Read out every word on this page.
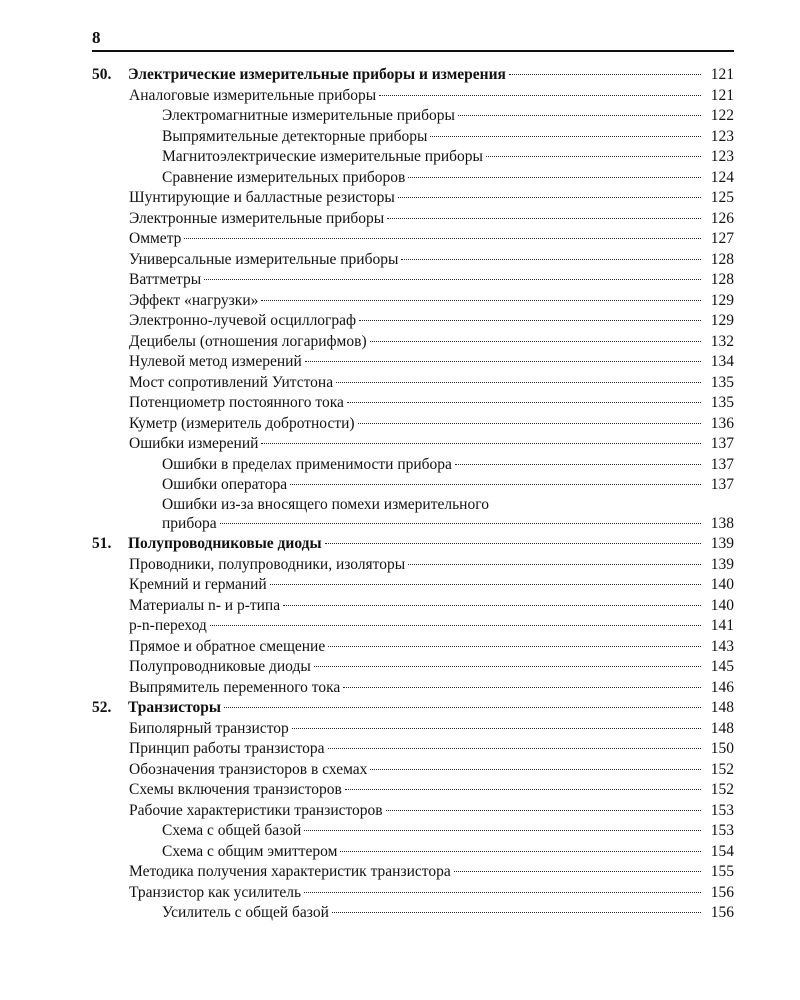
8
50.	Электрические измерительные приборы и измерения	121
Аналоговые измерительные приборы	121
Электромагнитные измерительные приборы	122
Выпрямительные детекторные приборы	123
Магнитоэлектрические измерительные приборы	123
Сравнение измерительных приборов	124
Шунтирующие и балластные резисторы	125
Электронные измерительные приборы	126
Омметр	127
Универсальные измерительные приборы	128
Ваттметры	128
Эффект «нагрузки»	129
Электронно-лучевой осциллограф	129
Децибелы (отношения логарифмов)	132
Нулевой метод измерений	134
Мост сопротивлений Уитстона	135
Потенциометр постоянного тока	135
Куметр (измеритель добротности)	136
Ошибки измерений	137
Ошибки в пределах применимости прибора	137
Ошибки оператора	137
Ошибки из-за вносящего помехи измерительного
прибора	138
51.	Полупроводниковые диоды	139
Проводники, полупроводники, изоляторы	139
Кремний и германий	140
Материалы n- и p-типа	140
p-n-переход	141
Прямое и обратное смещение	143
Полупроводниковые диоды	145
Выпрямитель переменного тока	146
52.	Транзисторы	148
Биполярный транзистор	148
Принцип работы транзистора	150
Обозначения транзисторов в схемах	152
Схемы включения транзисторов	152
Рабочие характеристики транзисторов	153
Схема с общей базой	153
Схема с общим эмиттером	154
Методика получения характеристик транзистора	155
Транзистор как усилитель	156
Усилитель с общей базой	156
